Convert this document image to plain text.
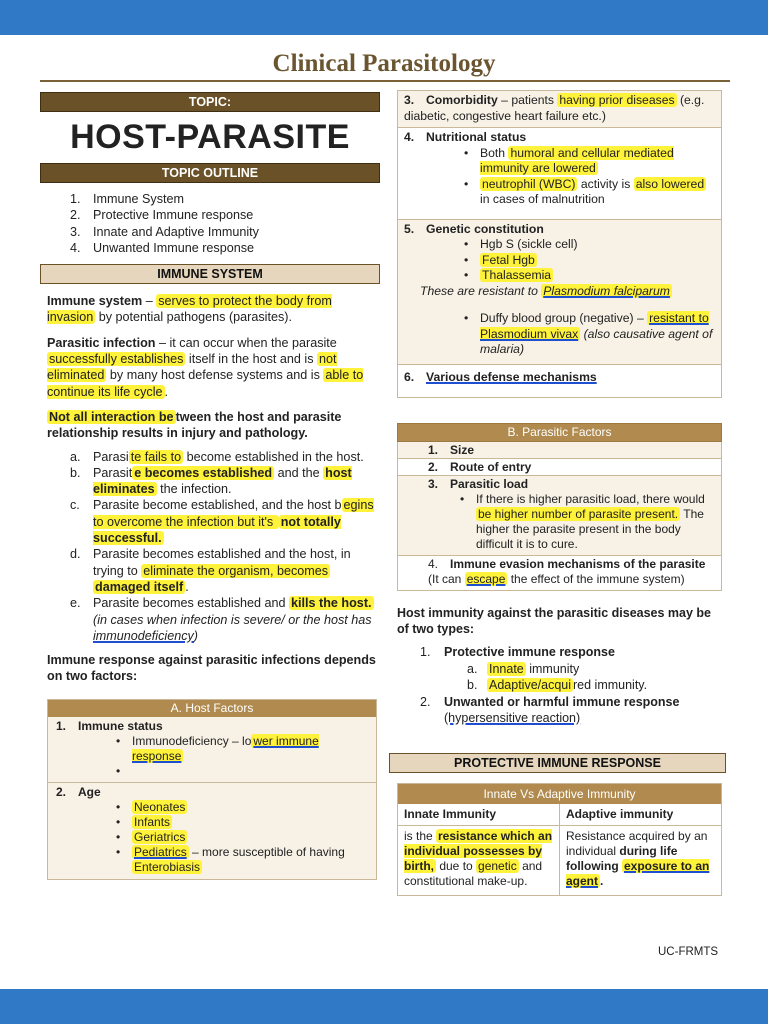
Clinical Parasitology
TOPIC:
HOST-PARASITE
TOPIC OUTLINE
1. Immune System
2. Protective Immune response
3. Innate and Adaptive Immunity
4. Unwanted Immune response
IMMUNE SYSTEM

Immune system – serves to protect the body from invasion by potential pathogens (parasites).

Parasitic infection – it can occur when the parasite successfully establishes itself in the host and is not eliminated by many host defense systems and is able to continue its life cycle .

Not all interaction be tween the host and parasite relationship results in injury and pathology.

a. Parasi te fails to become established in the host.
b. Parasit e becomes established and the host eliminates the infection.
c. Parasite become established, and the host b egins to overcome the infection but it's not totally successful.
d. Parasite becomes established and the host, in trying to eliminate the organism, becomes damaged itself .
e. Parasite becomes established and kills the host. (in cases when infection is severe/ or the host has immunodeficiency)

Immune response against parasitic infections depends on two factors:

A. Host Factors
1. Immune status
• Immunodeficiency – lo wer immune response
•
2. Age
• Neonates
• Infants
• Geriatrics
• Pediatrics – more susceptible of having Enterobiasis
3. Comorbidity – patients having prior diseases (e.g. diabetic, congestive heart failure etc.)
4. Nutritional status
• Both humoral and cellular mediated immunity are lowered
• neutrophil (WBC) activity is also lowered in cases of malnutrition
5. Genetic constitution
• Hgb S (sickle cell)
• Fetal Hgb
• Thalassemia
These are resistant to Plasmodium falciparum
• Duffy blood group (negative) – resistant to Plasmodium vivax (also causative agent of malaria)
6. Various defense mechanisms
B. Parasitic Factors
1. Size
2. Route of entry
3. Parasitic load
• If there is higher parasitic load, there would be higher number of parasite present. The higher the parasite present in the body difficult it is to cure.
4. Immune evasion mechanisms of the parasite (It can escape the effect of the immune system)

Host immunity against the parasitic diseases may be of two types:

1. Protective immune response
a. Innate immunity
b. Adaptive/acqui red immunity.
2. Unwanted or harmful immune response
(hypersensitive reaction)
PROTECTIVE IMMUNE RESPONSE
Innate Vs Adaptive Immunity
Innate Immunity	Adaptive immunity
is the resistance which an individual possesses by birth, due to genetic and constitutional make-up.	Resistance acquired by an individual during life following exposure to an agent .
UC-FRMTS
